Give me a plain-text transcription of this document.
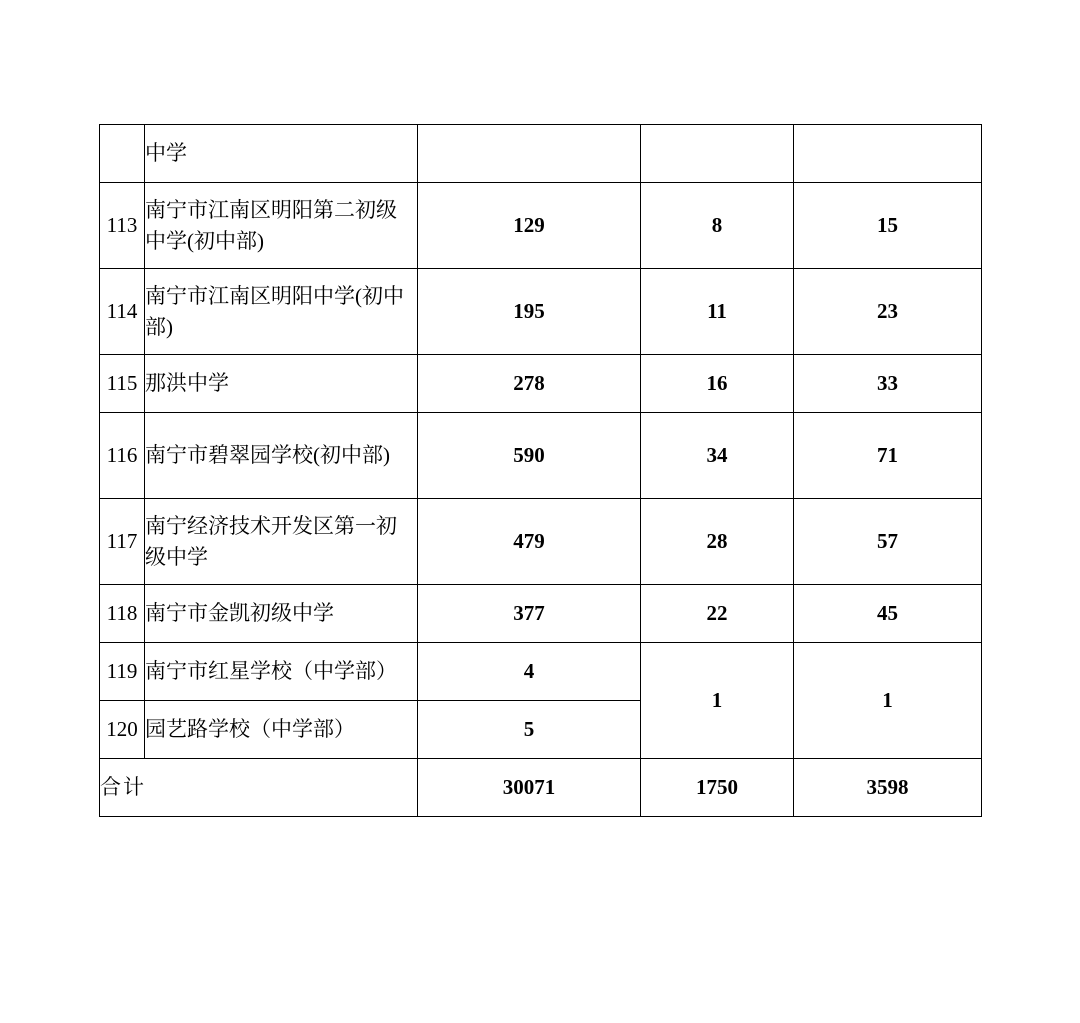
	中学			
113	南宁市江南区明阳第二初级中学(初中部)	129	8	15
114	南宁市江南区明阳中学(初中部)	195	11	23
115	那洪中学	278	16	33
116	南宁市碧翠园学校(初中部)	590	34	71
117	南宁经济技术开发区第一初级中学	479	28	57
118	南宁市金凯初级中学	377	22	45
119	南宁市红星学校（中学部）	4	1	1
120	园艺路学校（中学部）	5		
合计		30071	1750	3598
